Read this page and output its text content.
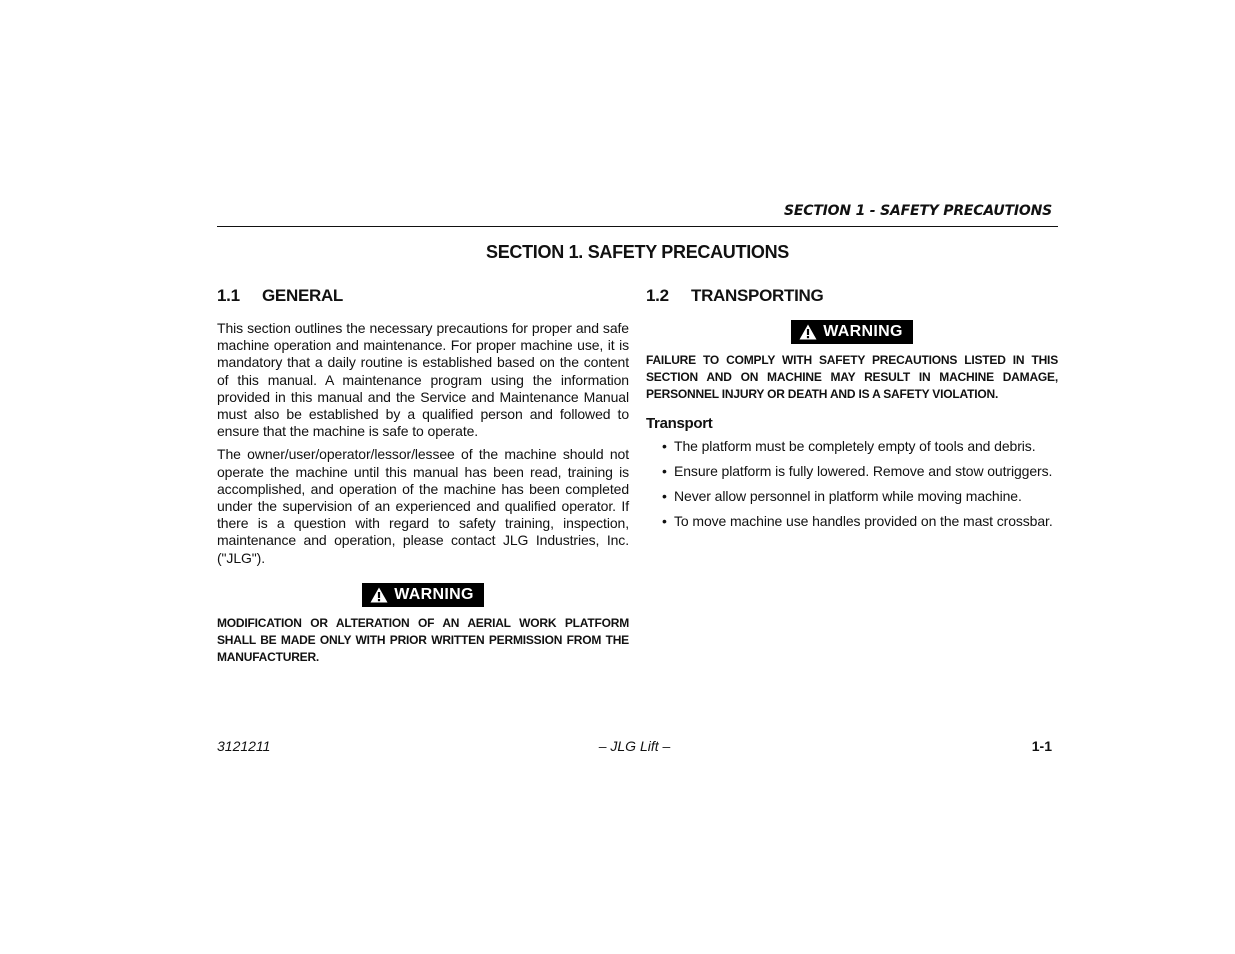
SECTION 1 - SAFETY PRECAUTIONS
SECTION 1. SAFETY PRECAUTIONS
1.1	GENERAL

This section outlines the necessary precautions for proper and safe machine operation and maintenance. For proper machine use, it is mandatory that a daily routine is established based on the content of this manual. A maintenance program using the information provided in this manual and the Service and Maintenance Manual must also be established by a qualified person and followed to ensure that the machine is safe to operate.

The owner/user/operator/lessor/lessee of the machine should not operate the machine until this manual has been read, training is accomplished, and operation of the machine has been completed under the supervision of an experienced and qualified operator. If there is a question with regard to safety training, inspection, maintenance and operation, please contact JLG Industries, Inc. ("JLG").

WARNING

MODIFICATION OR ALTERATION OF AN AERIAL WORK PLATFORM SHALL BE MADE ONLY WITH PRIOR WRITTEN PERMISSION FROM THE MANUFACTURER.

1.2	TRANSPORTING
WARNING

FAILURE TO COMPLY WITH SAFETY PRECAUTIONS LISTED IN THIS SECTION AND ON MACHINE MAY RESULT IN MACHINE DAMAGE, PERSONNEL INJURY OR DEATH AND IS A SAFETY VIOLATION.

Transport
• The platform must be completely empty of tools and debris.
• Ensure platform is fully lowered. Remove and stow outriggers.
• Never allow personnel in platform while moving machine.
• To move machine use handles provided on the mast crossbar.
3121211	– JLG Lift –	1-1
